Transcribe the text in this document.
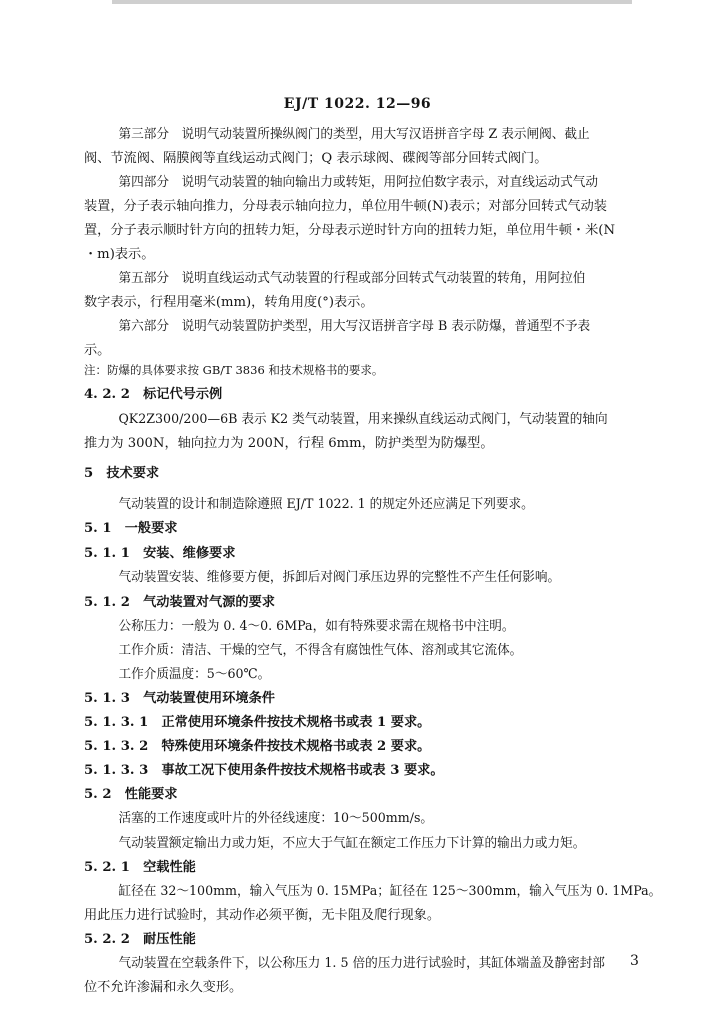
EJ/T 1022. 12—96
第三部分　说明气动装置所操纵阀门的类型，用大写汉语拼音字母 Z 表示闸阀、截止
阀、节流阀、隔膜阀等直线运动式阀门；Q 表示球阀、碟阀等部分回转式阀门。
第四部分　说明气动装置的轴向输出力或转矩，用阿拉伯数字表示，对直线运动式气动
装置，分子表示轴向推力，分母表示轴向拉力，单位用牛顿(N)表示；对部分回转式气动装
置，分子表示顺时针方向的扭转力矩，分母表示逆时针方向的扭转力矩，单位用牛顿・米(N
・m)表示。
第五部分　说明直线运动式气动装置的行程或部分回转式气动装置的转角，用阿拉伯
数字表示，行程用毫米(mm)，转角用度(°)表示。
第六部分　说明气动装置防护类型，用大写汉语拼音字母 B 表示防爆，普通型不予表
示。
注：防爆的具体要求按 GB/T 3836 和技术规格书的要求。
4. 2. 2　标记代号示例
QK2Z300/200—6B 表示 K2 类气动装置，用来操纵直线运动式阀门，气动装置的轴向
推力为 300N，轴向拉力为 200N，行程 6mm，防护类型为防爆型。
5　技术要求
气动装置的设计和制造除遵照 EJ/T 1022. 1 的规定外还应满足下列要求。
5. 1　一般要求
5. 1. 1　安装、维修要求
气动装置安装、维修要方便，拆卸后对阀门承压边界的完整性不产生任何影响。
5. 1. 2　气动装置对气源的要求
公称压力：一般为 0. 4～0. 6MPa，如有特殊要求需在规格书中注明。
工作介质：清洁、干燥的空气，不得含有腐蚀性气体、溶剂或其它流体。
工作介质温度：5～60℃。
5. 1. 3　气动装置使用环境条件
5. 1. 3. 1　正常使用环境条件按技术规格书或表 1 要求。
5. 1. 3. 2　特殊使用环境条件按技术规格书或表 2 要求。
5. 1. 3. 3　事故工况下使用条件按技术规格书或表 3 要求。
5. 2　性能要求
活塞的工作速度或叶片的外径线速度：10～500mm/s。
气动装置额定输出力或力矩，不应大于气缸在额定工作压力下计算的输出力或力矩。
5. 2. 1　空载性能
缸径在 32～100mm，输入气压为 0. 15MPa；缸径在 125～300mm，输入气压为 0. 1MPa。
用此压力进行试验时，其动作必须平衡，无卡阻及爬行现象。
5. 2. 2　耐压性能
气动装置在空载条件下，以公称压力 1. 5 倍的压力进行试验时，其缸体端盖及静密封部
位不允许渗漏和永久变形。
3
